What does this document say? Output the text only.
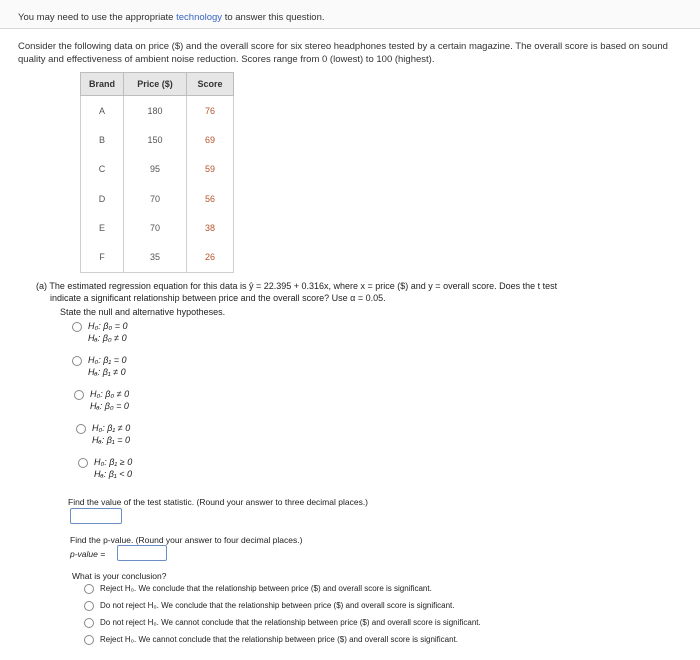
You may need to use the appropriate technology to answer this question.
Consider the following data on price ($) and the overall score for six stereo headphones tested by a certain magazine. The overall score is based on sound quality and effectiveness of ambient noise reduction. Scores range from 0 (lowest) to 100 (highest).
Brand	Price ($)	Score
A	180	76
B	150	69
C	95	59
D	70	56
E	70	38
F	35	26
(a) The estimated regression equation for this data is ŷ = 22.395 + 0.316x, where x = price ($) and y = overall score. Does the t test
indicate a significant relationship between price and the overall score? Use α = 0.05.
State the null and alternative hypotheses.
H₀: β₀ = 0
Hₐ: β₀ ≠ 0
H₀: β₁ = 0
Hₐ: β₁ ≠ 0
H₀: β₀ ≠ 0
Hₐ: β₀ = 0
H₀: β₁ ≠ 0
Hₐ: β₁ = 0
H₀: β₁ ≥ 0
Hₐ: β₁ < 0
Find the value of the test statistic. (Round your answer to three decimal places.)
Find the p-value. (Round your answer to four decimal places.)
p-value =
What is your conclusion?
Reject H₀. We conclude that the relationship between price ($) and overall score is significant.
Do not reject H₀. We conclude that the relationship between price ($) and overall score is significant.
Do not reject H₀. We cannot conclude that the relationship between price ($) and overall score is significant.
Reject H₀. We cannot conclude that the relationship between price ($) and overall score is significant.
